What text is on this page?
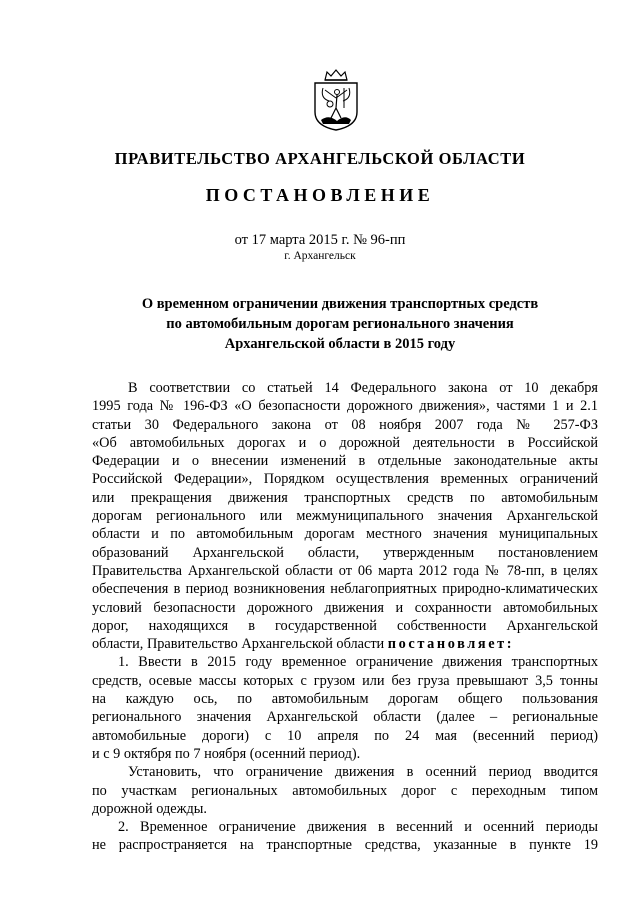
ПРАВИТЕЛЬСТВО АРХАНГЕЛЬСКОЙ ОБЛАСТИ
ПОСТАНОВЛЕНИЕ
от 17 марта 2015 г. № 96-пп
г. Архангельск
О временном ограничении движения транспортных средств
по автомобильным дорогам регионального значения
Архангельской области в 2015 году
В соответствии со статьей 14 Федерального закона от 10 декабря
1995 года № 196-ФЗ «О безопасности дорожного движения», частями 1 и 2.1
статьи 30 Федерального закона от 08 ноября 2007 года № 257-ФЗ
«Об автомобильных дорогах и о дорожной деятельности в Российской
Федерации и о внесении изменений в отдельные законодательные акты
Российской Федерации», Порядком осуществления временных ограничений
или прекращения движения транспортных средств по автомобильным
дорогам регионального или межмуниципального значения Архангельской
области и по автомобильным дорогам местного значения муниципальных
образований Архангельской области, утвержденным постановлением
Правительства Архангельской области от 06 марта 2012 года № 78-пп, в целях
обеспечения в период возникновения неблагоприятных природно-климатических
условий безопасности дорожного движения и сохранности автомобильных
дорог, находящихся в государственной собственности Архангельской
области, Правительство Архангельской области постановляет:
1. Ввести в 2015 году временное ограничение движения транспортных
средств, осевые массы которых с грузом или без груза превышают 3,5 тонны
на каждую ось, по автомобильным дорогам общего пользования
регионального значения Архангельской области (далее – региональные
автомобильные дороги) с 10 апреля по 24 мая (весенний период)
и с 9 октября по 7 ноября (осенний период).
Установить, что ограничение движения в осенний период вводится
по участкам региональных автомобильных дорог с переходным типом
дорожной одежды.
2. Временное ограничение движения в весенний и осенний периоды
не распространяется на транспортные средства, указанные в пункте 19
